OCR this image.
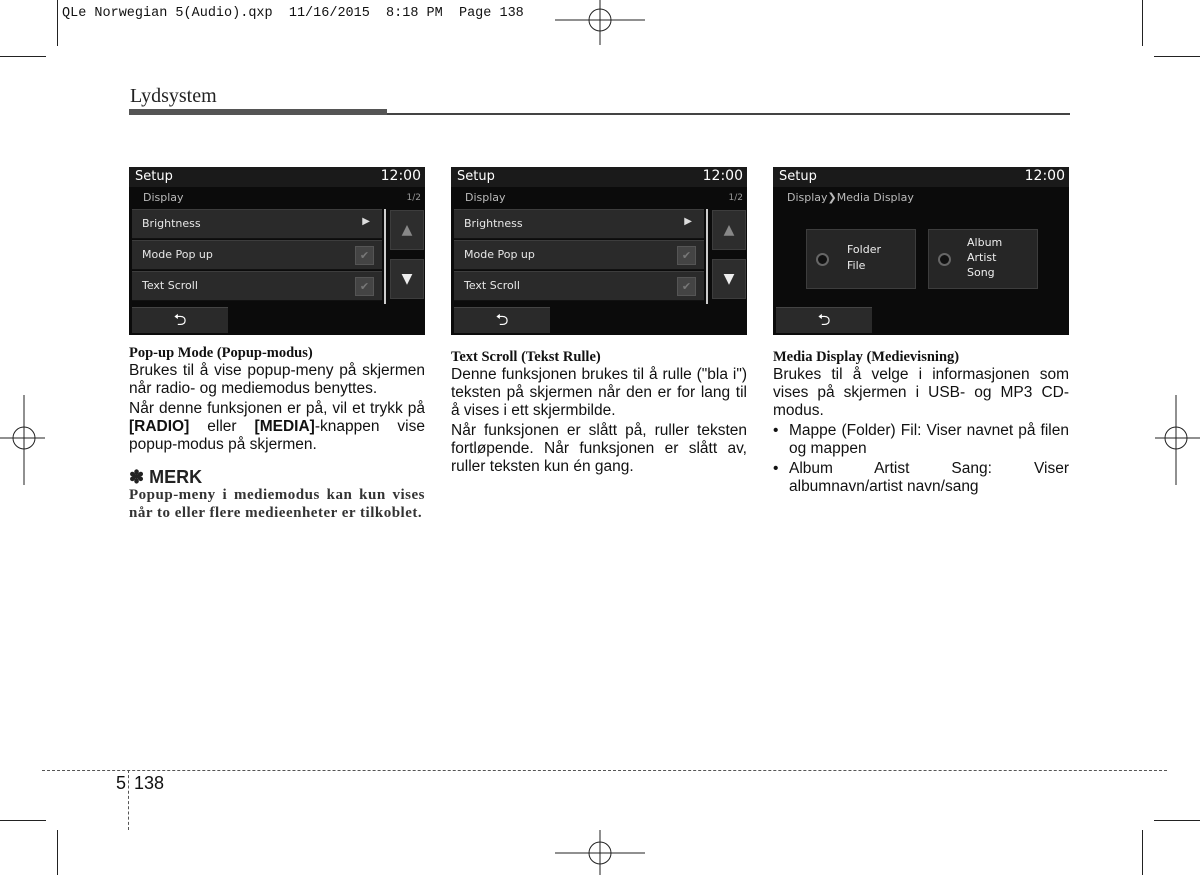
QLe Norwegian 5(Audio).qxp  11/16/2015  8:18 PM  Page 138
Lydsystem
Setup	12:00
Display	1/2
Brightness	▶
Mode Pop up	✔
Text Scroll	✔
▲
▼
⮌
Setup	12:00
Display	1/2
Brightness	▶
Mode Pop up	✔
Text Scroll	✔
▲
▼
⮌
Setup	12:00
Display❯Media Display
Folder
File
Album
Artist
Song
⮌

Pop-up Mode (Popup-modus)

Brukes til å vise popup-meny på skjermen når radio- og mediemodus benyttes.

Når denne funksjonen er på, vil et trykk på [RADIO] eller [MEDIA]-knappen vise popup-modus på skjermen.

✽ MERK

Popup-meny i mediemodus kan kun vises når to eller flere medieenheter er tilkoblet.

Text Scroll (Tekst Rulle)

Denne funksjonen brukes til å rulle ("bla i") teksten på skjermen når den er for lang til å vises i ett skjermbilde.

Når funksjonen er slått på, ruller teksten fortløpende. Når funksjonen er slått av, ruller teksten kun én gang.

Media Display (Medievisning)

Brukes til å velge i informasjonen som vises på skjermen i USB- og MP3 CD-modus.

• Mappe (Folder) Fil: Viser navnet på filen og mappen

• Album Artist Sang: Viser albumnavn/artist navn/sang

5 138
